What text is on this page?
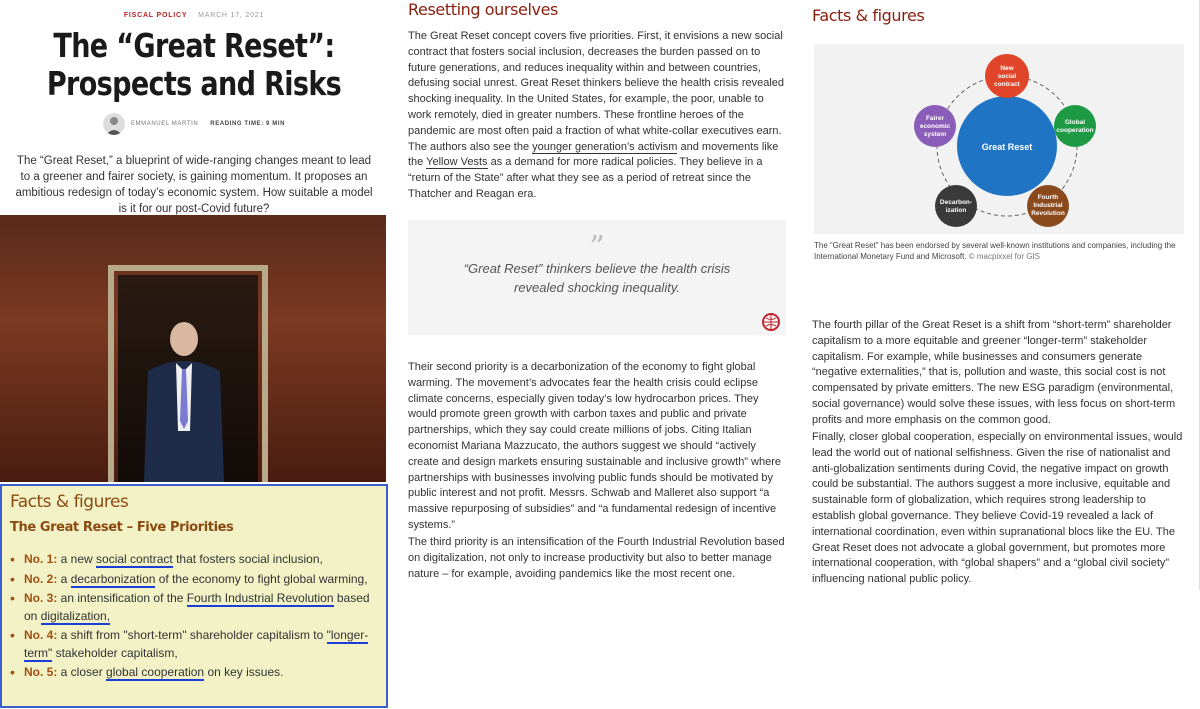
FISCAL POLICY MARCH 17, 2021
The “Great Reset”: Prospects and Risks
EMMANUEL MARTIN READING TIME: 9 MIN

The “Great Reset,” a blueprint of wide-ranging changes meant to lead to a greener and fairer society, is gaining momentum. It proposes an ambitious redesign of today’s economic system. How suitable a model is it for our post-Covid future?

Facts & figures
The Great Reset – Five Priorities
• No. 1: a new social contract that fosters social inclusion,
• No. 2: a decarbonization of the economy to fight global warming,
• No. 3: an intensification of the Fourth Industrial Revolution based on digitalization,
• No. 4: a shift from "short-term" shareholder capitalism to "longer-term" stakeholder capitalism,
• No. 5: a closer global cooperation on key issues.
Resetting ourselves

The Great Reset concept covers five priorities. First, it envisions a new social contract that fosters social inclusion, decreases the burden passed on to future generations, and reduces inequality within and between countries, defusing social unrest. Great Reset thinkers believe the health crisis revealed shocking inequality. In the United States, for example, the poor, unable to work remotely, died in greater numbers. These frontline heroes of the pandemic are most often paid a fraction of what white-collar executives earn. The authors also see the younger generation’s activism and movements like the Yellow Vests as a demand for more radical policies. They believe in a “return of the State” after what they see as a period of retreat since the Thatcher and Reagan era.

”

“Great Reset” thinkers believe the health crisis revealed shocking inequality.

Their second priority is a decarbonization of the economy to fight global warming. The movement’s advocates fear the health crisis could eclipse climate concerns, especially given today’s low hydrocarbon prices. They would promote green growth with carbon taxes and public and private partnerships, which they say could create millions of jobs. Citing Italian economist Mariana Mazzucato, the authors suggest we should “actively create and design markets ensuring sustainable and inclusive growth” where partnerships with businesses involving public funds should be motivated by public interest and not profit. Messrs. Schwab and Malleret also support “a massive repurposing of subsidies” and “a fundamental redesign of incentive systems.”

The third priority is an intensification of the Fourth Industrial Revolution based on digitalization, not only to increase productivity but also to better manage nature – for example, avoiding pandemics like the most recent one.

Facts & figures
Great Reset
New social contract
Global cooperation
Fourth Industrial Revolution
Decarbon-ization
Fairer economic system

The “Great Reset” has been endorsed by several well-known institutions and companies, including the International Monetary Fund and Microsoft. © macpixxel for GIS

The fourth pillar of the Great Reset is a shift from “short-term” shareholder capitalism to a more equitable and greener “longer-term” stakeholder capitalism. For example, while businesses and consumers generate “negative externalities,” that is, pollution and waste, this social cost is not compensated by private emitters. The new ESG paradigm (environmental, social governance) would solve these issues, with less focus on short-term profits and more emphasis on the common good.

Finally, closer global cooperation, especially on environmental issues, would lead the world out of national selfishness. Given the rise of nationalist and anti-globalization sentiments during Covid, the negative impact on growth could be substantial. The authors suggest a more inclusive, equitable and sustainable form of globalization, which requires strong leadership to establish global governance. They believe Covid-19 revealed a lack of international coordination, even within supranational blocs like the EU. The Great Reset does not advocate a global government, but promotes more international cooperation, with “global shapers” and a “global civil society” influencing national public policy.
